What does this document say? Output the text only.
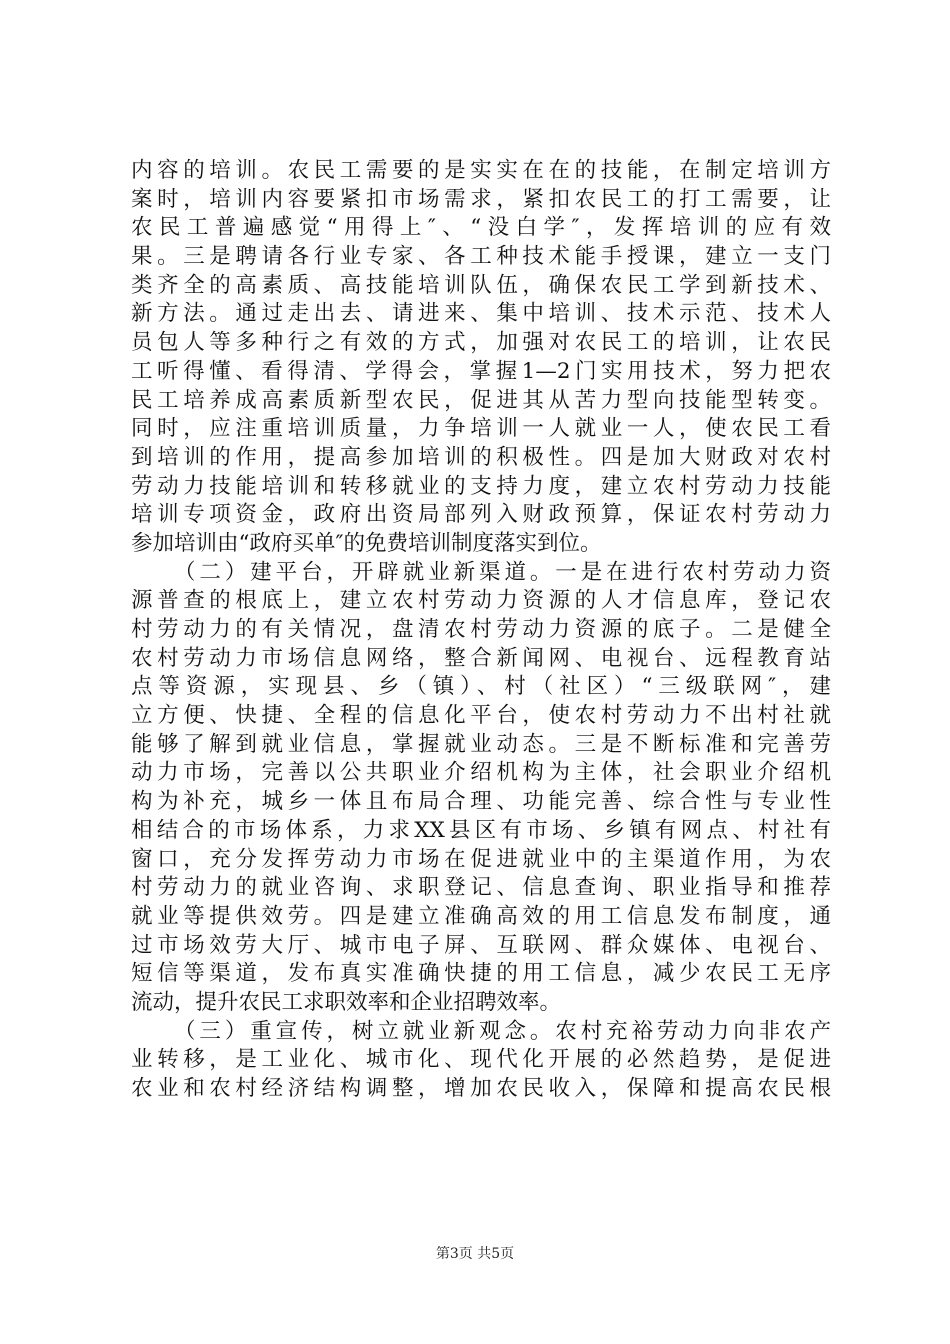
内容的培训。农民工需要的是实实在在的技能，在制定培训方
案时，培训内容要紧扣市场需求，紧扣农民工的打工需要，让
农民工普遍感觉“用得上″、“没白学″，发挥培训的应有效
果。三是聘请各行业专家、各工种技术能手授课，建立一支门
类齐全的高素质、高技能培训队伍，确保农民工学到新技术、
新方法。通过走出去、请进来、集中培训、技术示范、技术人
员包人等多种行之有效的方式，加强对农民工的培训，让农民
工听得懂、看得清、学得会，掌握1—2门实用技术，努力把农
民工培养成高素质新型农民，促进其从苦力型向技能型转变。
同时，应注重培训质量，力争培训一人就业一人，使农民工看
到培训的作用，提高参加培训的积极性。四是加大财政对农村
劳动力技能培训和转移就业的支持力度，建立农村劳动力技能
培训专项资金，政府出资局部列入财政预算，保证农村劳动力
参加培训由“政府买单″的免费培训制度落实到位。
（二）建平台，开辟就业新渠道。一是在进行农村劳动力资
源普查的根底上，建立农村劳动力资源的人才信息库，登记农
村劳动力的有关情况，盘清农村劳动力资源的底子。二是健全
农村劳动力市场信息网络，整合新闻网、电视台、远程教育站
点等资源，实现县、乡（镇）、村（社区）“三级联网″，建
立方便、快捷、全程的信息化平台，使农村劳动力不出村社就
能够了解到就业信息，掌握就业动态。三是不断标准和完善劳
动力市场，完善以公共职业介绍机构为主体，社会职业介绍机
构为补充，城乡一体且布局合理、功能完善、综合性与专业性
相结合的市场体系，力求XX县区有市场、乡镇有网点、村社有
窗口，充分发挥劳动力市场在促进就业中的主渠道作用，为农
村劳动力的就业咨询、求职登记、信息查询、职业指导和推荐
就业等提供效劳。四是建立准确高效的用工信息发布制度，通
过市场效劳大厅、城市电子屏、互联网、群众媒体、电视台、
短信等渠道，发布真实准确快捷的用工信息，减少农民工无序
流动，提升农民工求职效率和企业招聘效率。
（三）重宣传，树立就业新观念。农村充裕劳动力向非农产
业转移，是工业化、城市化、现代化开展的必然趋势，是促进
农业和农村经济结构调整，增加农民收入，保障和提高农民根
第3页 共5页
